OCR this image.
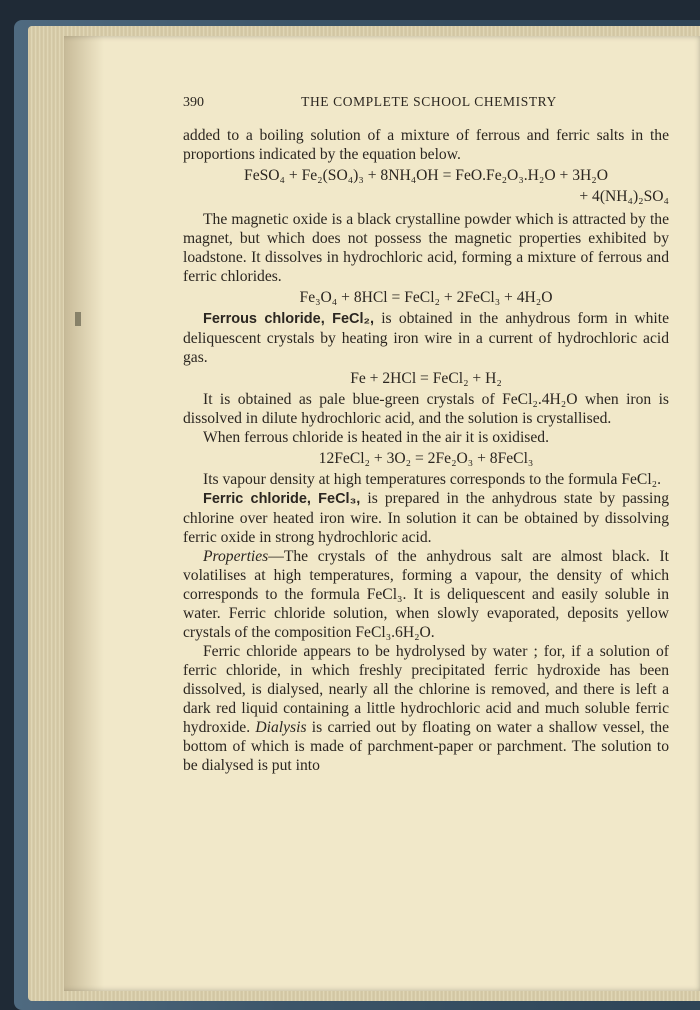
390	THE COMPLETE SCHOOL CHEMISTRY

added to a boiling solution of a mixture of ferrous and ferric salts in the proportions indicated by the equation below.

FeSO₄ + Fe₂(SO₄)₃ + 8NH₄OH = FeO.Fe₂O₃.H₂O + 3H₂O
+ 4(NH₄)₂SO₄

The magnetic oxide is a black crystalline powder which is attracted by the magnet, but which does not possess the magnetic properties exhibited by loadstone. It dissolves in hydrochloric acid, forming a mixture of ferrous and ferric chlorides.

Fe₃O₄ + 8HCl = FeCl₂ + 2FeCl₃ + 4H₂O

Ferrous chloride, FeCl₂, is obtained in the anhydrous form in white deliquescent crystals by heating iron wire in a current of hydrochloric acid gas.

Fe + 2HCl = FeCl₂ + H₂

It is obtained as pale blue-green crystals of FeCl₂.4H₂O when iron is dissolved in dilute hydrochloric acid, and the solution is crystallised.

When ferrous chloride is heated in the air it is oxidised.

12FeCl₂ + 3O₂ = 2Fe₂O₃ + 8FeCl₃

Its vapour density at high temperatures corresponds to the formula FeCl₂.

Ferric chloride, FeCl₃, is prepared in the anhydrous state by passing chlorine over heated iron wire. In solution it can be obtained by dissolving ferric oxide in strong hydrochloric acid.

Properties—The crystals of the anhydrous salt are almost black. It volatilises at high temperatures, forming a vapour, the density of which corresponds to the formula FeCl₃. It is deliquescent and easily soluble in water. Ferric chloride solution, when slowly evaporated, deposits yellow crystals of the composition FeCl₃.6H₂O.

Ferric chloride appears to be hydrolysed by water ; for, if a solution of ferric chloride, in which freshly precipitated ferric hydroxide has been dissolved, is dialysed, nearly all the chlorine is removed, and there is left a dark red liquid containing a little hydrochloric acid and much soluble ferric hydroxide. Dialysis is carried out by floating on water a shallow vessel, the bottom of which is made of parchment-paper or parchment. The solution to be dialysed is put into
